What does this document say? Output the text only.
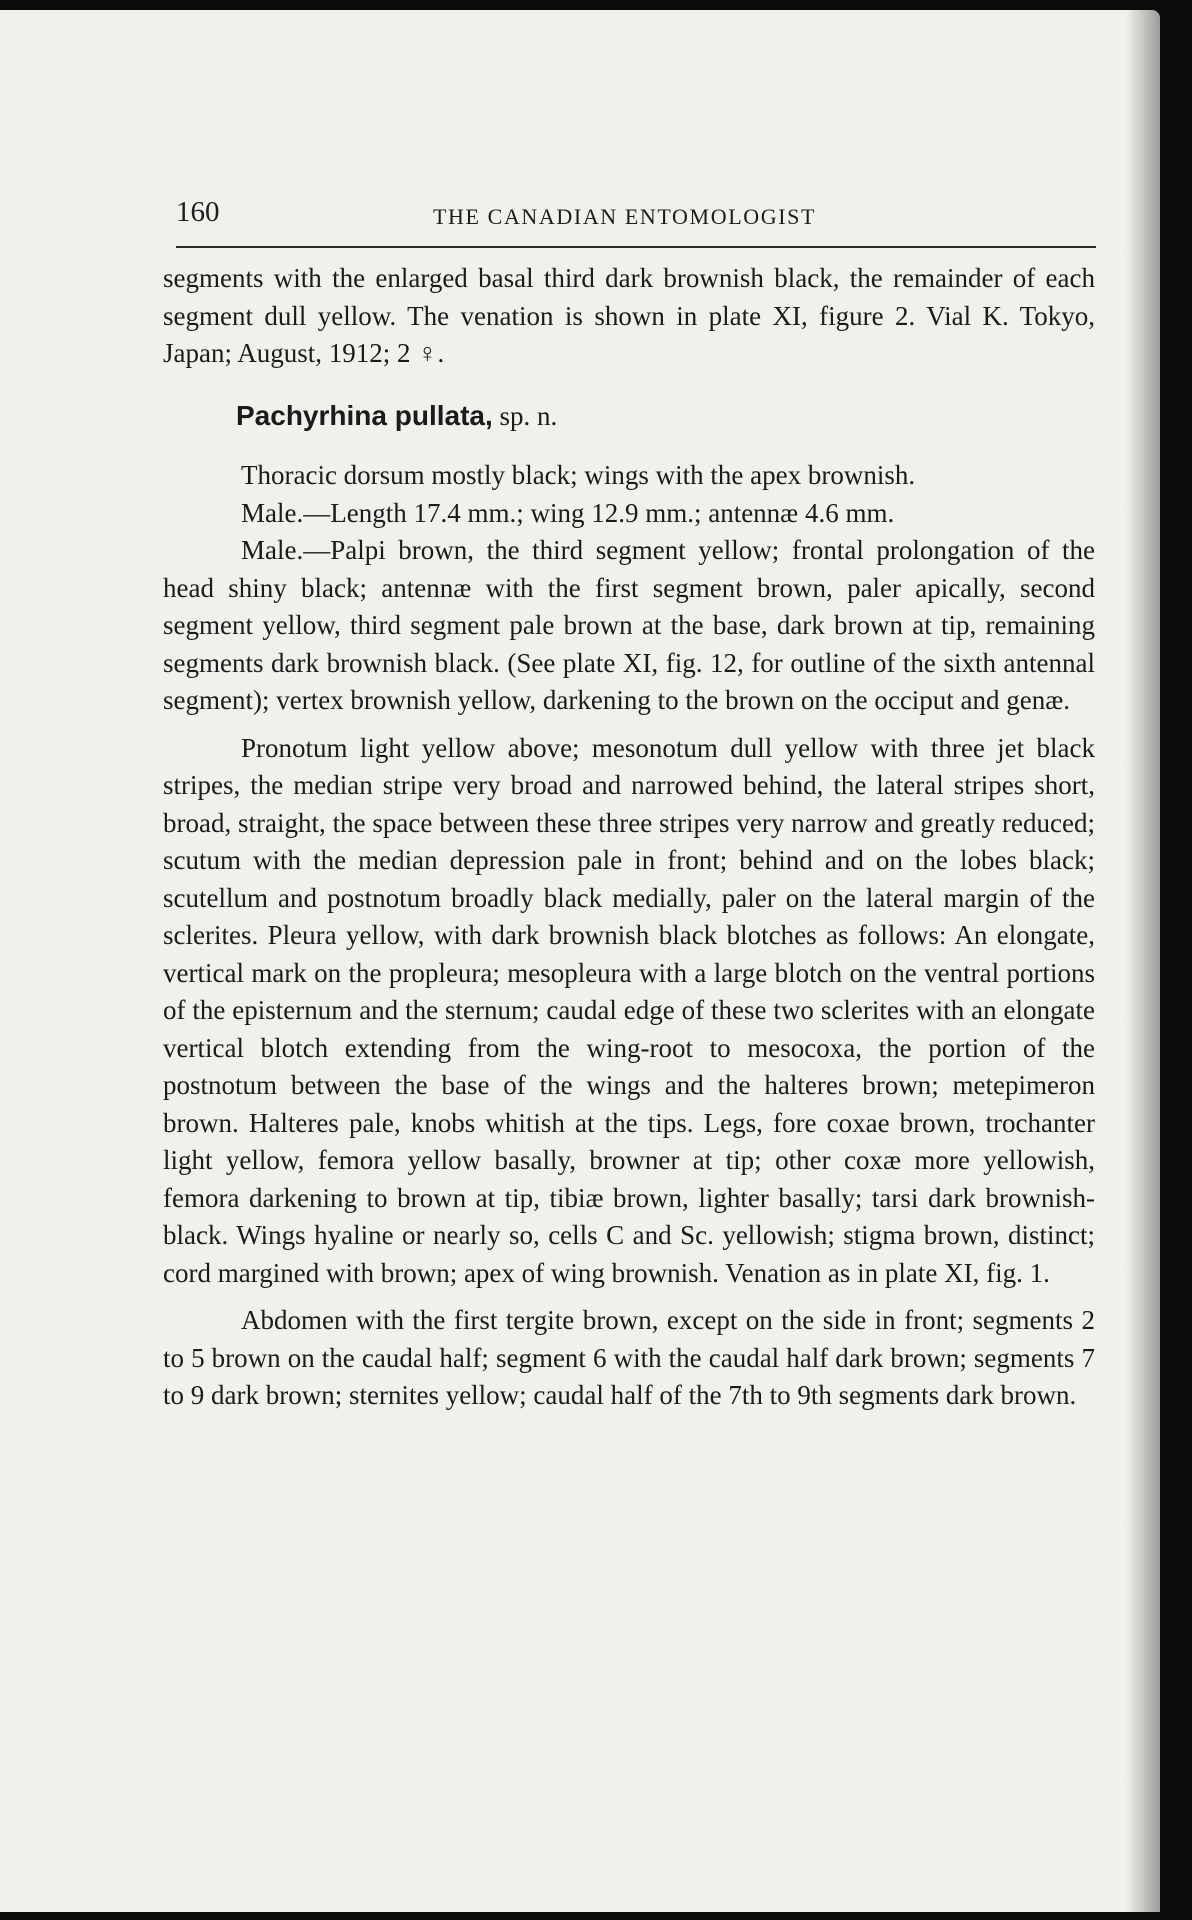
160	THE CANADIAN ENTOMOLOGIST

segments with the enlarged basal third dark brownish black, the remainder of each segment dull yellow. The venation is shown in plate XI, figure 2. Vial K. Tokyo, Japan; August, 1912; 2 ♀.

Pachyrhina pullata, sp. n.

Thoracic dorsum mostly black; wings with the apex brownish.

Male.—Length 17.4 mm.; wing 12.9 mm.; antennæ 4.6 mm.

Male.—Palpi brown, the third segment yellow; frontal prolongation of the head shiny black; antennæ with the first segment brown, paler apically, second segment yellow, third segment pale brown at the base, dark brown at tip, remaining segments dark brownish black. (See plate XI, fig. 12, for outline of the sixth antennal segment); vertex brownish yellow, darkening to the brown on the occiput and genæ.

Pronotum light yellow above; mesonotum dull yellow with three jet black stripes, the median stripe very broad and narrowed behind, the lateral stripes short, broad, straight, the space between these three stripes very narrow and greatly reduced; scutum with the median depression pale in front; behind and on the lobes black; scutellum and postnotum broadly black medially, paler on the lateral margin of the sclerites. Pleura yellow, with dark brownish black blotches as follows: An elongate, vertical mark on the propleura; mesopleura with a large blotch on the ventral portions of the episternum and the sternum; caudal edge of these two sclerites with an elongate vertical blotch extending from the wing-root to mesocoxa, the portion of the postnotum between the base of the wings and the halteres brown; metepimeron brown. Halteres pale, knobs whitish at the tips. Legs, fore coxae brown, trochanter light yellow, femora yellow basally, browner at tip; other coxæ more yellowish, femora darkening to brown at tip, tibiæ brown, lighter basally; tarsi dark brownish-black. Wings hyaline or nearly so, cells C and Sc. yellowish; stigma brown, distinct; cord margined with brown; apex of wing brownish. Venation as in plate XI, fig. 1.

Abdomen with the first tergite brown, except on the side in front; segments 2 to 5 brown on the caudal half; segment 6 with the caudal half dark brown; segments 7 to 9 dark brown; sternites yellow; caudal half of the 7th to 9th segments dark brown.
